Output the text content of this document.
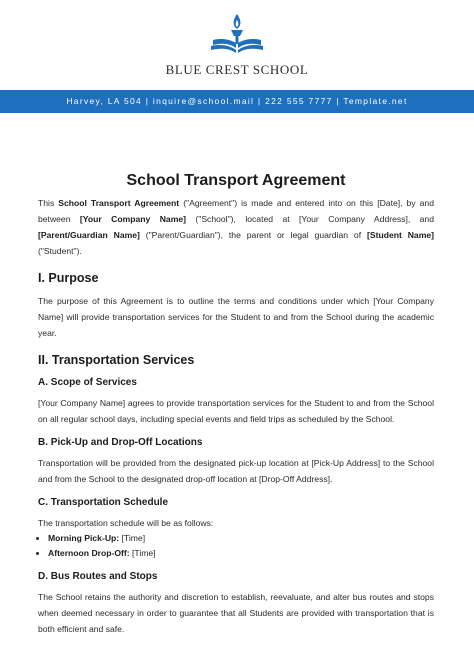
BLUE CREST SCHOOL
Harvey, LA 504 | inquire@school.mail | 222 555 7777 | Template.net
School Transport Agreement

This School Transport Agreement ("Agreement") is made and entered into on this [Date], by and between [Your Company Name] ("School"), located at [Your Company Address], and [Parent/Guardian Name] ("Parent/Guardian"), the parent or legal guardian of [Student Name] ("Student").

I. Purpose

The purpose of this Agreement is to outline the terms and conditions under which [Your Company Name] will provide transportation services for the Student to and from the School during the academic year.

II. Transportation Services
A. Scope of Services

[Your Company Name] agrees to provide transportation services for the Student to and from the School on all regular school days, including special events and field trips as scheduled by the School.

B. Pick-Up and Drop-Off Locations

Transportation will be provided from the designated pick-up location at [Pick-Up Address] to the School and from the School to the designated drop-off location at [Drop-Off Address].

C. Transportation Schedule

The transportation schedule will be as follows:

• Morning Pick-Up: [Time]
• Afternoon Drop-Off: [Time]
D. Bus Routes and Stops

The School retains the authority and discretion to establish, reevaluate, and alter bus routes and stops when deemed necessary in order to guarantee that all Students are provided with transportation that is both efficient and safe.
